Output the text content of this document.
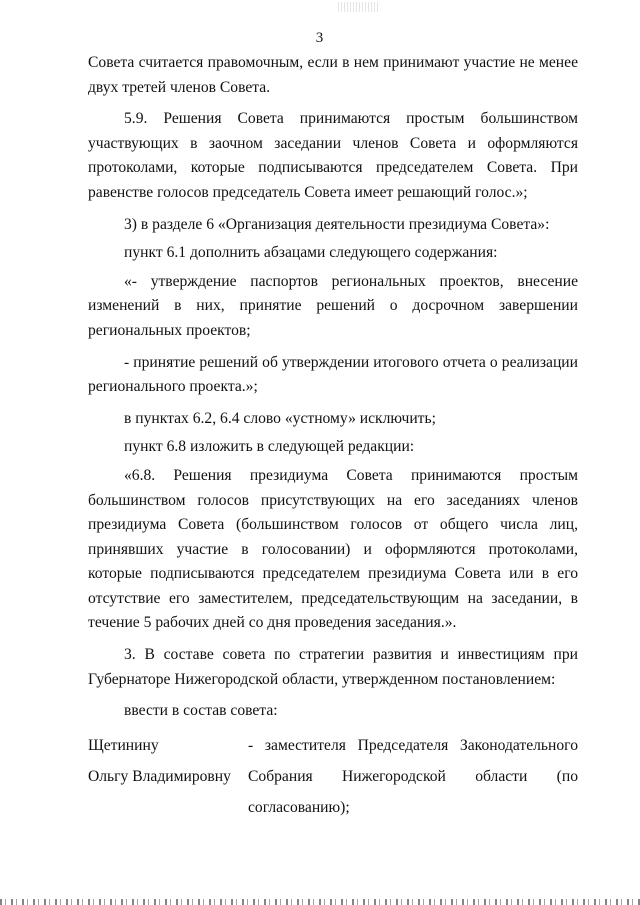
3

Совета считается правомочным, если в нем принимают участие не менее двух третей членов Совета.

5.9. Решения Совета принимаются простым большинством участвующих в заочном заседании членов Совета и оформляются протоколами, которые подписываются председателем Совета. При равенстве голосов председатель Совета имеет решающий голос.»;

3) в разделе 6 «Организация деятельности президиума Совета»:

пункт 6.1 дополнить абзацами следующего содержания:

«- утверждение паспортов региональных проектов, внесение изменений в них, принятие решений о досрочном завершении региональных проектов;

- принятие решений об утверждении итогового отчета о реализации регионального проекта.»;

в пунктах 6.2, 6.4 слово «устному» исключить;

пункт 6.8 изложить в следующей редакции:

«6.8. Решения президиума Совета принимаются простым большинством голосов присутствующих на его заседаниях членов президиума Совета (большинством голосов от общего числа лиц, принявших участие в голосовании) и оформляются протоколами, которые подписываются председателем президиума Совета или в его отсутствие его заместителем, председательствующим на заседании, в течение 5 рабочих дней со дня проведения заседания.».

3. В составе совета по стратегии развития и инвестициям при Губернаторе Нижегородской области, утвержденном постановлением:

ввести в состав совета:

Щетинину
Ольгу Владимировну
- заместителя Председателя Законодательного Собрания Нижегородской области (по согласованию);
